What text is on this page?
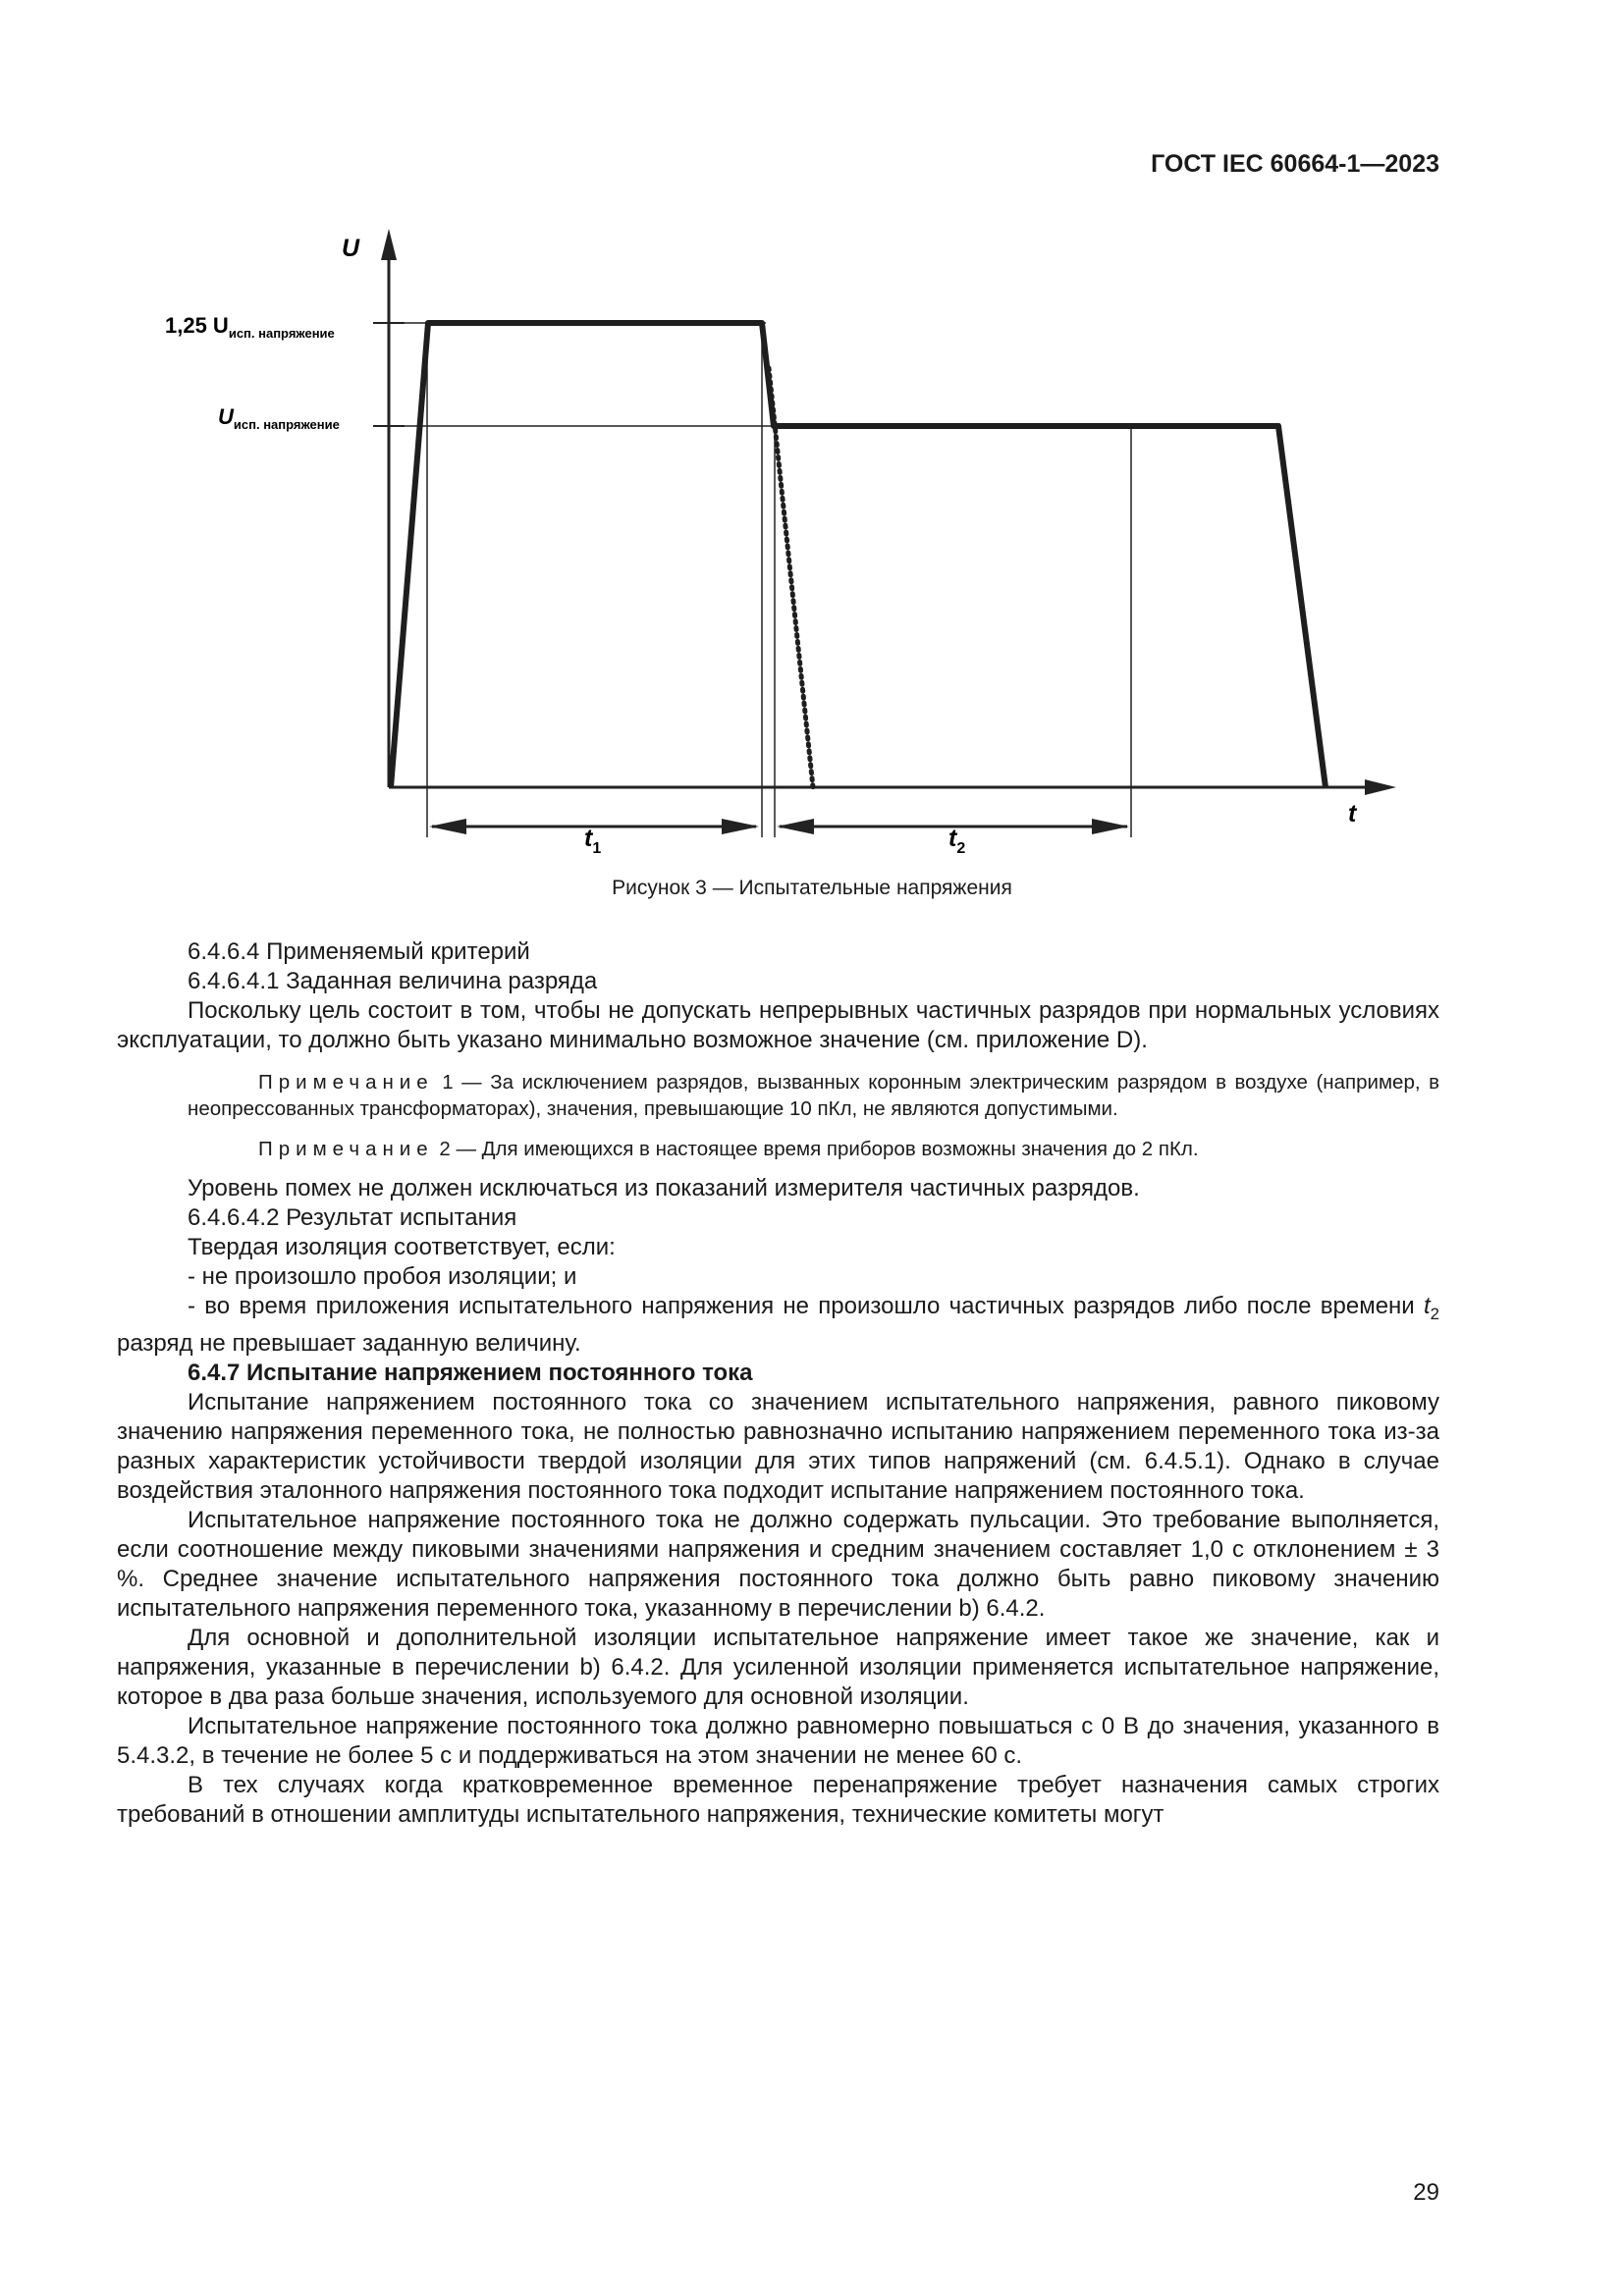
ГОСТ IEC 60664-1—2023
U
t
1,25 $U_{исп. напряжение}$
$U_{исп. напряжение}$
$t_1$	$t_2$
Рисунок 3 — Испытательные напряжения

6.4.6.4 Применяемый критерий

6.4.6.4.1 Заданная величина разряда

Поскольку цель состоит в том, чтобы не допускать непрерывных частичных разрядов при нормальных условиях эксплуатации, то должно быть указано минимально возможное значение (см. приложение D).

Примечание 1 — За исключением разрядов, вызванных коронным электрическим разрядом в воздухе (например, в неопрессованных трансформаторах), значения, превышающие 10 пКл, не являются допустимыми.

Примечание 2 — Для имеющихся в настоящее время приборов возможны значения до 2 пКл.

Уровень помех не должен исключаться из показаний измерителя частичных разрядов.

6.4.6.4.2 Результат испытания

Твердая изоляция соответствует, если:

- не произошло пробоя изоляции; и

- во время приложения испытательного напряжения не произошло частичных разрядов либо после времени $t_2$ разряд не превышает заданную величину.

6.4.7 Испытание напряжением постоянного тока

Испытание напряжением постоянного тока со значением испытательного напряжения, равного пиковому значению напряжения переменного тока, не полностью равнозначно испытанию напряжением переменного тока из-за разных характеристик устойчивости твердой изоляции для этих типов напряжений (см. 6.4.5.1). Однако в случае воздействия эталонного напряжения постоянного тока подходит испытание напряжением постоянного тока.

Испытательное напряжение постоянного тока не должно содержать пульсации. Это требование выполняется, если соотношение между пиковыми значениями напряжения и средним значением составляет 1,0 с отклонением ± 3 %. Среднее значение испытательного напряжения постоянного тока должно быть равно пиковому значению испытательного напряжения переменного тока, указанному в перечислении b) 6.4.2.

Для основной и дополнительной изоляции испытательное напряжение имеет такое же значение, как и напряжения, указанные в перечислении b) 6.4.2. Для усиленной изоляции применяется испытательное напряжение, которое в два раза больше значения, используемого для основной изоляции.

Испытательное напряжение постоянного тока должно равномерно повышаться с 0 В до значения, указанного в 5.4.3.2, в течение не более 5 с и поддерживаться на этом значении не менее 60 с.

В тех случаях когда кратковременное временное перенапряжение требует назначения самых строгих требований в отношении амплитуды испытательного напряжения, технические комитеты могут

29
